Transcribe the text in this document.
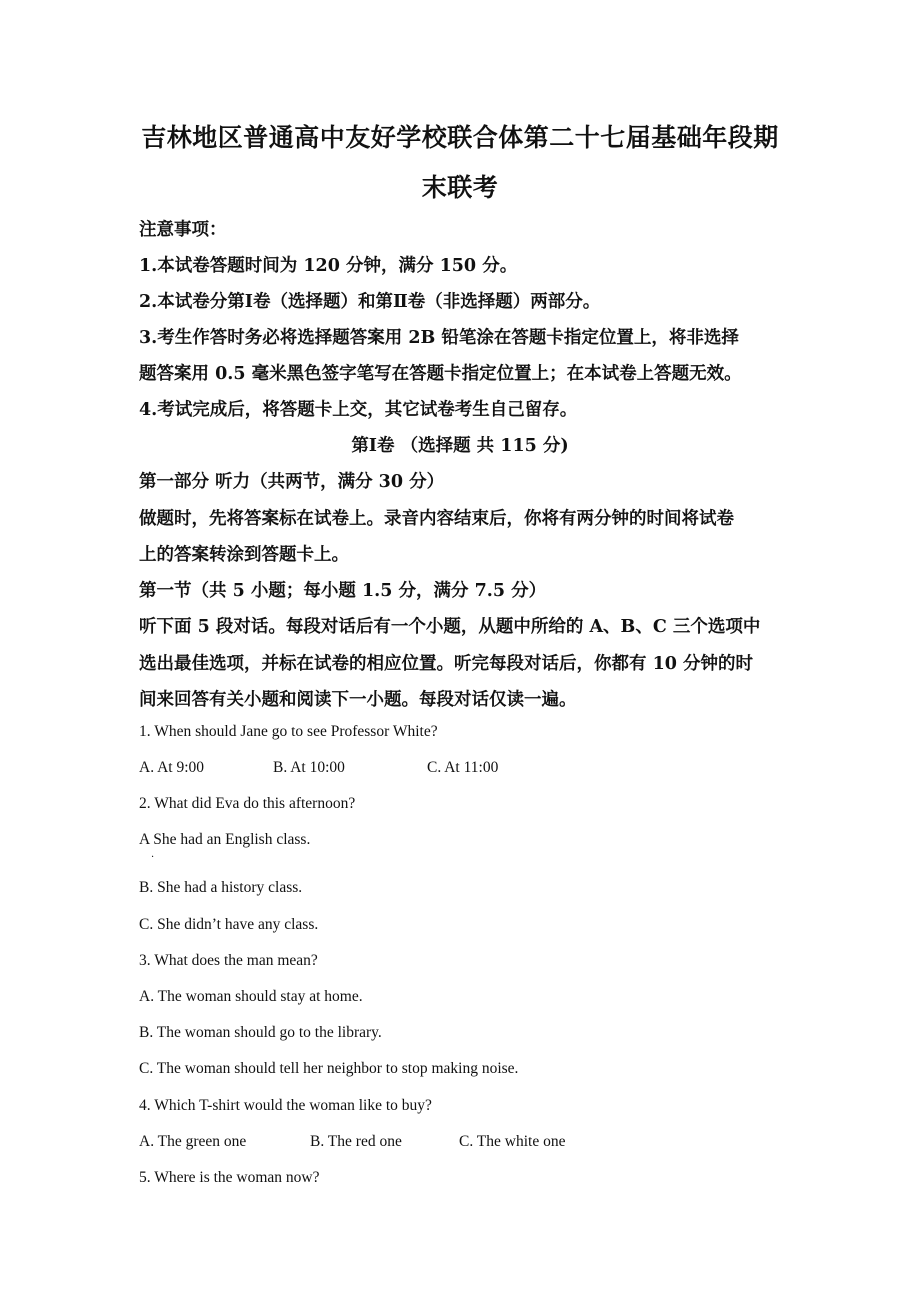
吉林地区普通高中友好学校联合体第二十七届基础年段期
末联考
注意事项：
1.本试卷答题时间为 120 分钟，满分 150 分。
2.本试卷分第Ⅰ卷（选择题）和第Ⅱ卷（非选择题）两部分。
3.考生作答时务必将选择题答案用 2B 铅笔涂在答题卡指定位置上，将非选择
题答案用 0.5 毫米黑色签字笔写在答题卡指定位置上；在本试卷上答题无效。
4.考试完成后，将答题卡上交，其它试卷考生自己留存。
第Ⅰ卷 （选择题 共 115 分)
第一部分 听力（共两节，满分 30 分）
做题时，先将答案标在试卷上。录音内容结束后，你将有两分钟的时间将试卷
上的答案转涂到答题卡上。
第一节（共 5 小题；每小题 1.5 分，满分 7.5 分）
听下面 5 段对话。每段对话后有一个小题，从题中所给的 A、B、C 三个选项中
选出最佳选项，并标在试卷的相应位置。听完每段对话后，你都有 10 分钟的时
间来回答有关小题和阅读下一小题。每段对话仅读一遍。
1. When should Jane go to see Professor White?
A. At 9:00	B. At 10:00	C. At 11:00
2. What did Eva do this afternoon?
A She had an English class.
·
B. She had a history class.
C. She didn’t have any class.
3. What does the man mean?
A. The woman should stay at home.
B. The woman should go to the library.
C. The woman should tell her neighbor to stop making noise.
4. Which T-shirt would the woman like to buy?
A. The green one	B. The red one	C. The white one
5. Where is the woman now?
